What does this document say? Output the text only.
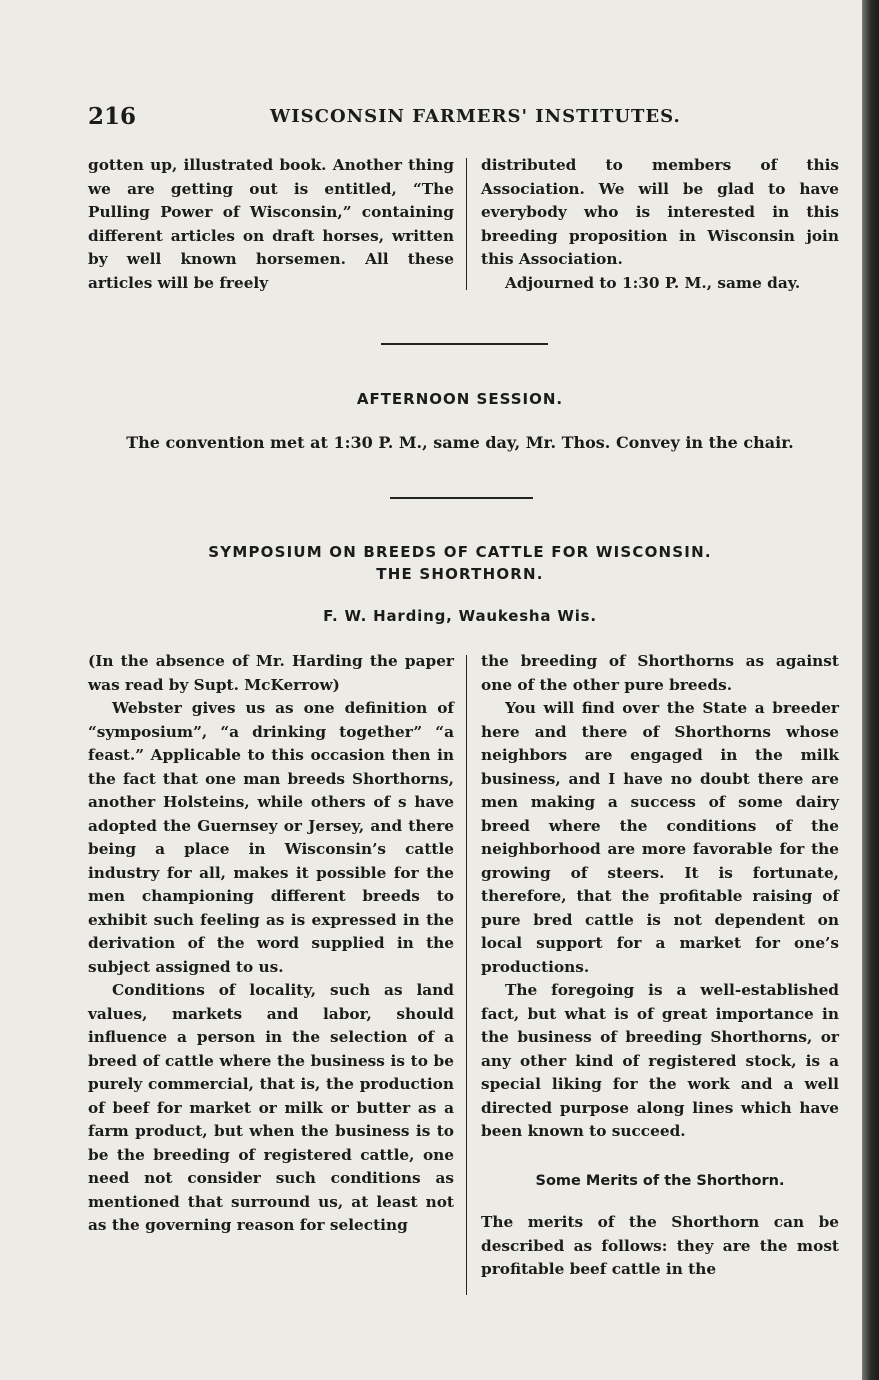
216	WISCONSIN FARMERS' INSTITUTES.

gotten up, illustrated book. Another thing we are getting out is entitled, “The Pulling Power of Wisconsin,” containing different articles on draft horses, written by well known horsemen. All these articles will be freely

distributed to members of this Association. We will be glad to have everybody who is interested in this breeding proposition in Wisconsin join this Association.

Adjourned to 1:30 P. M., same day.

AFTERNOON SESSION.
The convention met at 1:30 P. M., same day, Mr. Thos. Convey in the chair.
SYMPOSIUM ON BREEDS OF CATTLE FOR WISCONSIN.
THE SHORTHORN.
F. W. Harding, Waukesha Wis.

(In the absence of Mr. Harding the paper was read by Supt. McKerrow)

Webster gives us as one definition of “symposium”, “a drinking together” “a feast.” Applicable to this occasion then in the fact that one man breeds Shorthorns, another Holsteins, while others of s have adopted the Guernsey or Jersey, and there being a place in Wisconsin’s cattle industry for all, makes it possible for the men championing different breeds to exhibit such feeling as is expressed in the derivation of the word supplied in the subject assigned to us.

Conditions of locality, such as land values, markets and labor, should influence a person in the selection of a breed of cattle where the business is to be purely commercial, that is, the production of beef for market or milk or butter as a farm product, but when the business is to be the breeding of registered cattle, one need not consider such conditions as mentioned that surround us, at least not as the governing reason for selecting

the breeding of Shorthorns as against one of the other pure breeds.

You will find over the State a breeder here and there of Shorthorns whose neighbors are engaged in the milk business, and I have no doubt there are men making a success of some dairy breed where the conditions of the neighborhood are more favorable for the growing of steers. It is fortunate, therefore, that the profitable raising of pure bred cattle is not dependent on local support for a market for one’s productions.

The foregoing is a well-established fact, but what is of great importance in the business of breeding Shorthorns, or any other kind of registered stock, is a special liking for the work and a well directed purpose along lines which have been known to succeed.

Some Merits of the Shorthorn.

The merits of the Shorthorn can be described as follows: they are the most profitable beef cattle in the
